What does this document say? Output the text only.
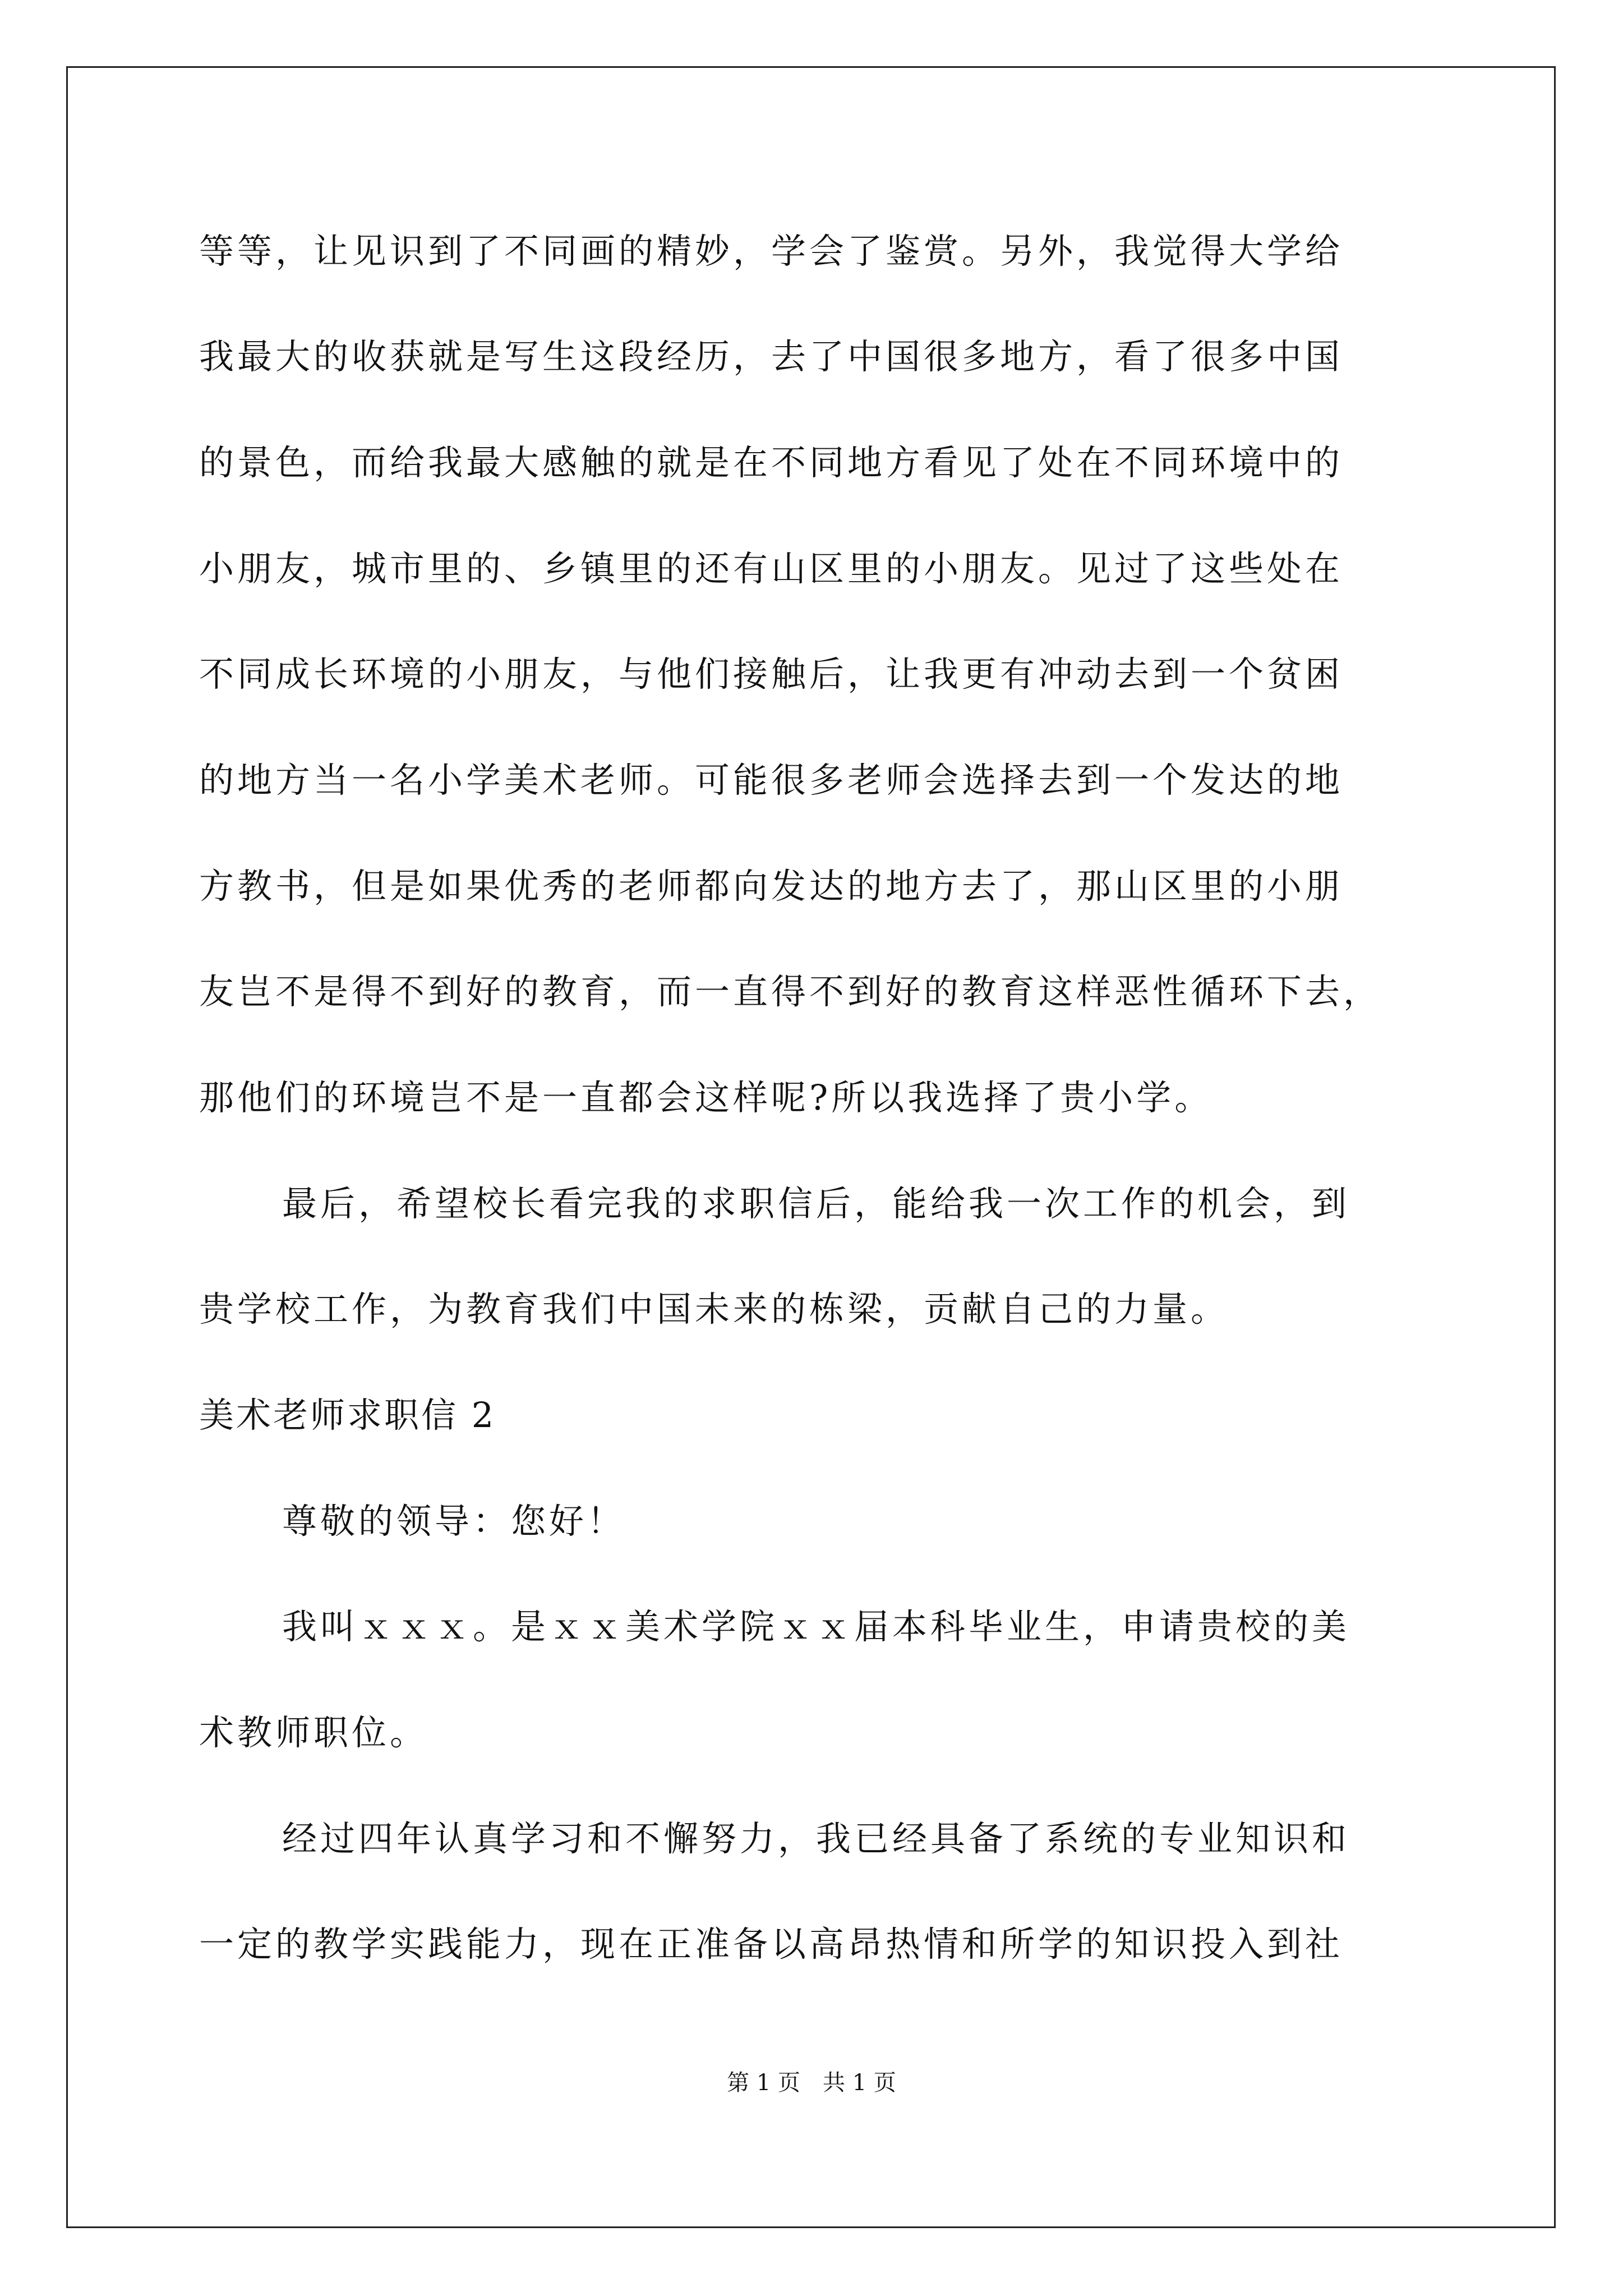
等等，让见识到了不同画的精妙，学会了鉴赏。另外，我觉得大学给
我最大的收获就是写生这段经历，去了中国很多地方，看了很多中国
的景色，而给我最大感触的就是在不同地方看见了处在不同环境中的
小朋友，城市里的、乡镇里的还有山区里的小朋友。见过了这些处在
不同成长环境的小朋友，与他们接触后，让我更有冲动去到一个贫困
的地方当一名小学美术老师。可能很多老师会选择去到一个发达的地
方教书，但是如果优秀的老师都向发达的地方去了，那山区里的小朋
友岂不是得不到好的教育，而一直得不到好的教育这样恶性循环下去，
那他们的环境岂不是一直都会这样呢?所以我选择了贵小学。
最后，希望校长看完我的求职信后，能给我一次工作的机会，到
贵学校工作，为教育我们中国未来的栋梁，贡献自己的力量。
美术老师求职信 2
尊敬的领导：您好！
我叫ｘｘｘ。是ｘｘ美术学院ｘｘ届本科毕业生，申请贵校的美
术教师职位。
经过四年认真学习和不懈努力，我已经具备了系统的专业知识和
一定的教学实践能力，现在正准备以高昂热情和所学的知识投入到社
第 1 页　共 1 页
